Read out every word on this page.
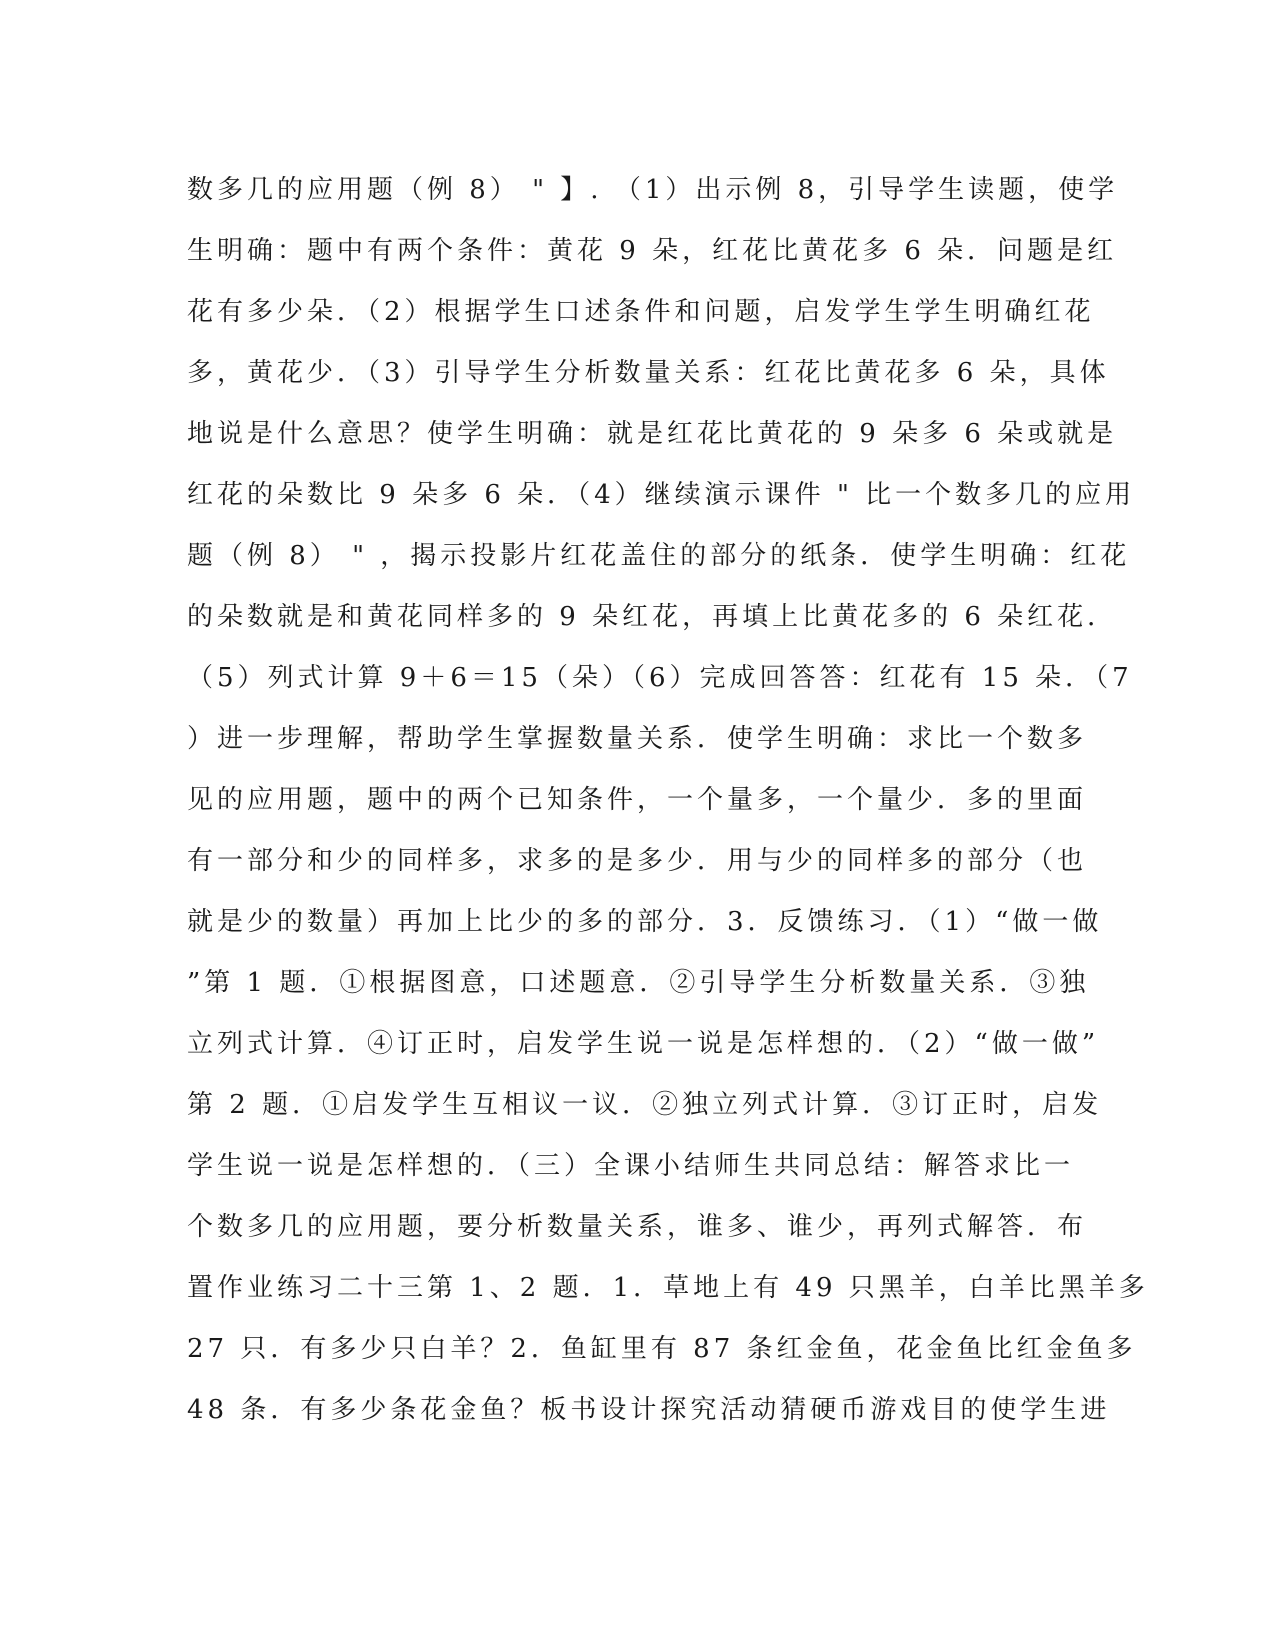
数多几的应用题（例 8） " 】. （1）出示例 8，引导学生读题，使学
生明确：题中有两个条件：黄花 9 朵，红花比黄花多 6 朵．问题是红
花有多少朵．（2）根据学生口述条件和问题，启发学生学生明确红花
多，黄花少．（3）引导学生分析数量关系：红花比黄花多 6 朵，具体
地说是什么意思？使学生明确：就是红花比黄花的 9 朵多 6 朵或就是
红花的朵数比 9 朵多 6 朵．（4）继续演示课件 " 比一个数多几的应用
题（例 8） " ，揭示投影片红花盖住的部分的纸条．使学生明确：红花
的朵数就是和黄花同样多的 9 朵红花，再填上比黄花多的 6 朵红花．
（5）列式计算 9＋6＝15（朵）（6）完成回答答：红花有 15 朵．（7
）进一步理解，帮助学生掌握数量关系．使学生明确：求比一个数多
见的应用题，题中的两个已知条件，一个量多，一个量少．多的里面
有一部分和少的同样多，求多的是多少．用与少的同样多的部分（也
就是少的数量）再加上比少的多的部分．3．反馈练习．（1）“做一做
”第 1 题．①根据图意，口述题意．②引导学生分析数量关系．③独
立列式计算．④订正时，启发学生说一说是怎样想的．（2）“做一做”
第 2 题．①启发学生互相议一议．②独立列式计算．③订正时，启发
学生说一说是怎样想的．（三）全课小结师生共同总结：解答求比一
个数多几的应用题，要分析数量关系，谁多、谁少，再列式解答．布
置作业练习二十三第 1、2 题．1．草地上有 49 只黑羊，白羊比黑羊多
27 只．有多少只白羊？2．鱼缸里有 87 条红金鱼，花金鱼比红金鱼多
48 条．有多少条花金鱼？板书设计探究活动猜硬币游戏目的使学生进
